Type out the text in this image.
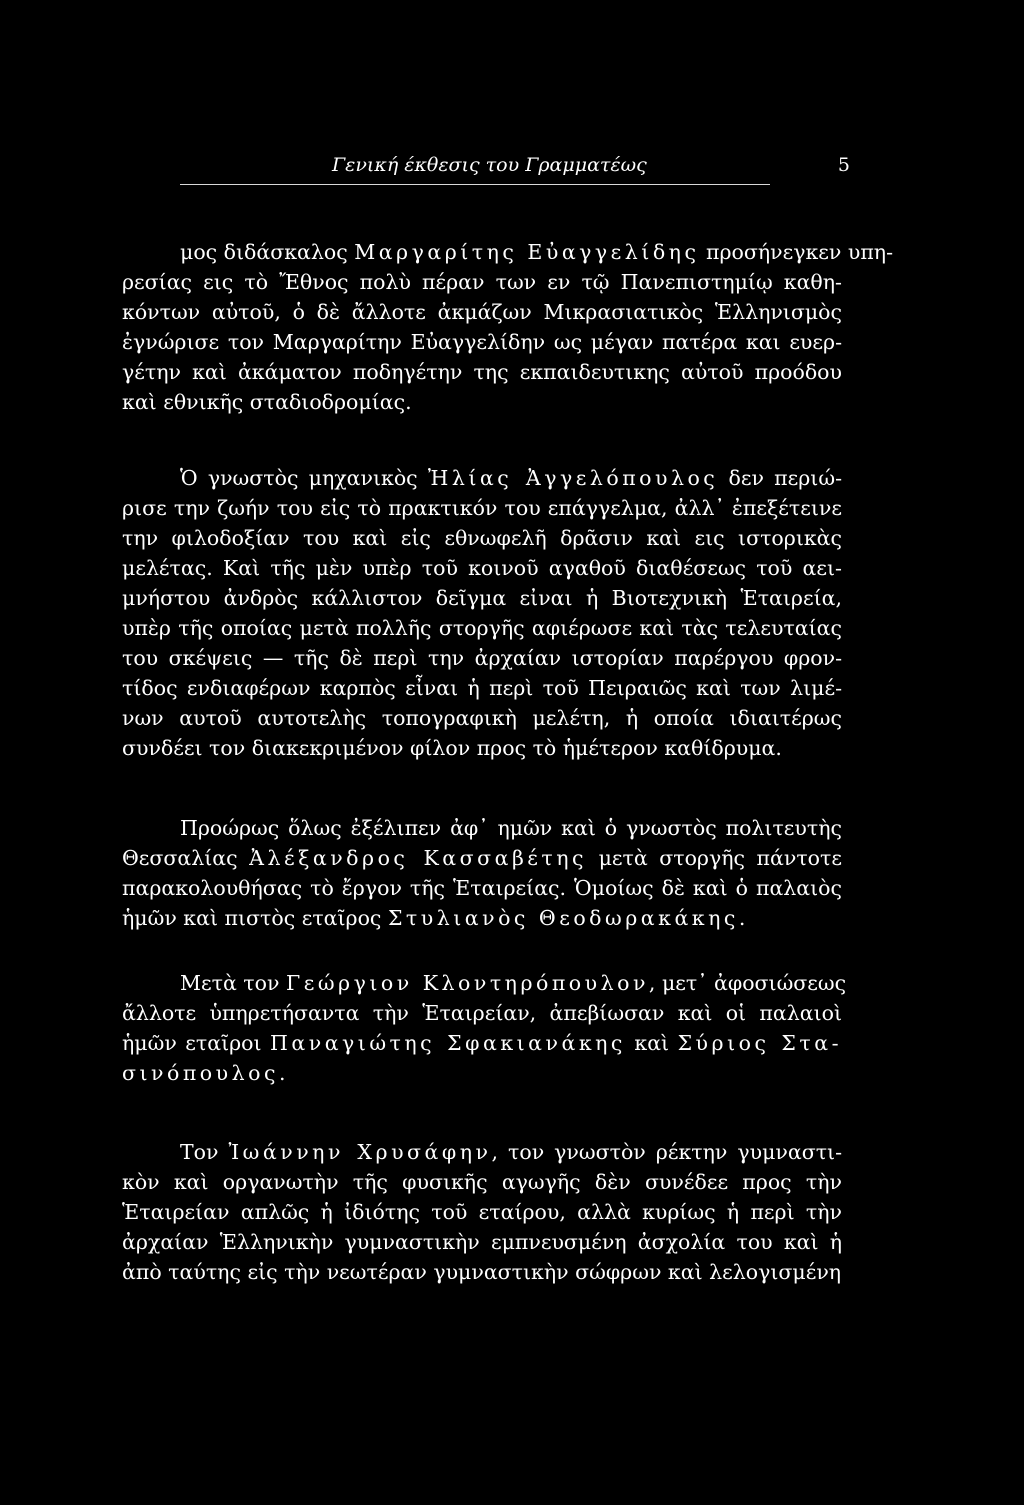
Γενική έκθεσις του Γραμματέως	5
μος διδάσκαλος Μαργαρίτης Εὐαγγελίδης προσήνεγκεν υπη-
ρεσίας εις τὸ Ἔθνος πολὺ πέραν των εν τῷ Πανεπιστημίῳ καθη-
κόντων αὐτοῦ, ὁ δὲ ἄλλοτε ἀκμάζων Μικρασιατικὸς Ἑλληνισμὸς
ἐγνώρισε τον Μαργαρίτην Εὐαγγελίδην ως μέγαν πατέρα και ευερ-
γέτην καὶ ἀκάματον ποδηγέτην της εκπαιδευτικης αὐτοῦ προόδου
καὶ εθνικῆς σταδιοδρομίας.
Ὁ γνωστὸς μηχανικὸς Ἠλίας Ἀγγελόπουλος δεν περιώ-
ρισε την ζωήν του εἰς τὸ πρακτικόν του επάγγελμα, ἀλλ᾽ ἐπεξέτεινε
την φιλοδοξίαν του καὶ εἰς εθνωφελῆ δρᾶσιν καὶ εις ιστορικὰς
μελέτας. Καὶ τῆς μὲν υπὲρ τοῦ κοινοῦ αγαθοῦ διαθέσεως τοῦ αει-
μνήστου ἀνδρὸς κάλλιστον δεῖγμα εἰναι ἡ Βιοτεχνικὴ Ἑταιρεία,
υπὲρ τῆς οποίας μετὰ πολλῆς στοργῆς αφιέρωσε καὶ τὰς τελευταίας
του σκέψεις — τῆς δὲ περὶ την ἀρχαίαν ιστορίαν παρέργου φρον-
τίδος ενδιαφέρων καρπὸς εἶναι ἡ περὶ τοῦ Πειραιῶς καὶ των λιμέ-
νων αυτοῦ αυτοτελὴς τοπογραφικὴ μελέτη, ἡ οποία ιδιαιτέρως
συνδέει τον διακεκριμένον φίλον προς τὸ ἡμέτερον καθίδρυμα.
Προώρως ὅλως ἐξέλιπεν ἀφ᾽ ημῶν καὶ ὁ γνωστὸς πολιτευτὴς
Θεσσαλίας Ἀλέξανδρος Κασσαβέτης μετὰ στοργῆς πάντοτε
παρακολουθήσας τὸ ἔργον τῆς Ἑταιρείας. Ὁμοίως δὲ καὶ ὁ παλαιὸς
ἡμῶν καὶ πιστὸς εταῖρος Στυλιανὸς Θεοδωρακάκης.
Μετὰ τον Γεώργιον Κλοντηρόπουλον, μετ᾽ ἀφοσιώσεως
ἄλλοτε ὑπηρετήσαντα τὴν Ἑταιρείαν, ἀπεβίωσαν καὶ οἱ παλαιοὶ
ἡμῶν εταῖροι Παναγιώτης Σφακιανάκης καὶ Σύριος Στα-
σινόπουλος.
Τον Ἰωάννην Χρυσάφην, τον γνωστὸν ρέκτην γυμναστι-
κὸν καὶ οργανωτὴν τῆς φυσικῆς αγωγῆς δὲν συνέδεε προς τὴν
Ἑταιρείαν απλῶς ἡ ἰδιότης τοῦ εταίρου, αλλὰ κυρίως ἡ περὶ τὴν
ἀρχαίαν Ἑλληνικὴν γυμναστικὴν εμπνευσμένη ἀσχολία του καὶ ἡ
ἀπὸ ταύτης εἰς τὴν νεωτέραν γυμναστικὴν σώφρων καὶ λελογισμένη
